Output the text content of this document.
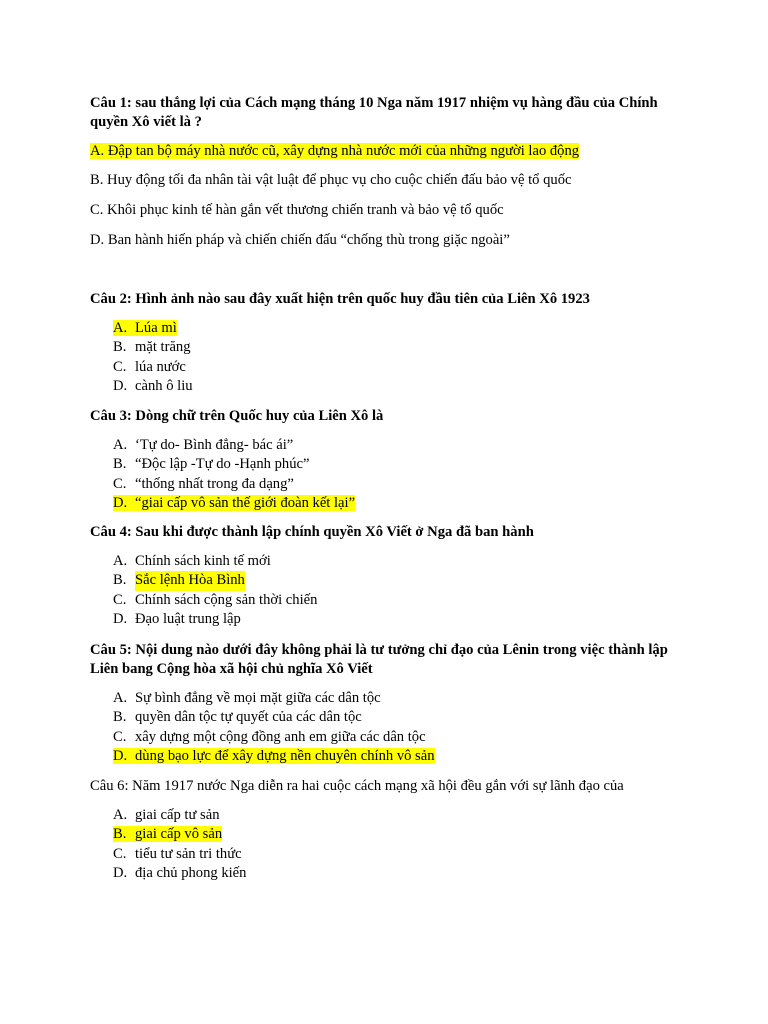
Câu 1: sau thắng lợi của Cách mạng tháng 10 Nga năm 1917 nhiệm vụ hàng đầu của Chính quyền Xô viết là ?
A. Đập tan bộ máy nhà nước cũ, xây dựng nhà nước mới của những người lao động
B. Huy động tối đa nhân tài vật luật để phục vụ cho cuộc chiến đấu bảo vệ tổ quốc
C. Khôi phục kinh tế hàn gắn vết thương chiến tranh và bảo vệ tổ quốc
D. Ban hành hiến pháp và chiến chiến đấu “chống thù trong giặc ngoài”
Câu 2: Hình ảnh nào sau đây xuất hiện trên quốc huy đầu tiên của Liên Xô 1923
A. Lúa mì
B. mặt trăng
C.lúa nước
D.cành ô liu
Câu 3: Dòng chữ trên Quốc huy của Liên Xô là
A. ‘Tự do- Bình đẳng- bác ái”
B.“Độc lập -Tự do -Hạnh phúc”
C. “thống nhất trong đa dạng”
D. “giai cấp vô sản thế giới đoàn kết lại”
Câu 4: Sau khi được thành lập chính quyền Xô Viết ở Nga đã ban hành
A. Chính sách kinh tế mới
B. Sắc lệnh Hòa Bình
C.Chính sách cộng sản thời chiến
D. Đạo luật trung lập
Câu 5: Nội dung nào dưới đây không phải là tư tưởng chỉ đạo của Lênin trong việc thành lập Liên bang Cộng hòa xã hội chủ nghĩa Xô Viết
A. Sự bình đẳng về mọi mặt giữa các dân tộc
B. quyền dân tộc tự quyết của các dân tộc
C. xây dựng một cộng đồng anh em giữa các dân tộc
D. dùng bạo lực để xây dựng nền chuyên chính vô sản
Câu 6: Năm 1917 nước Nga diễn ra hai cuộc cách mạng xã hội đều gắn với sự lãnh đạo của
A.giai cấp tư sản
B. giai cấp vô sản
C. tiểu tư sản tri thức
D. địa chủ phong kiến
